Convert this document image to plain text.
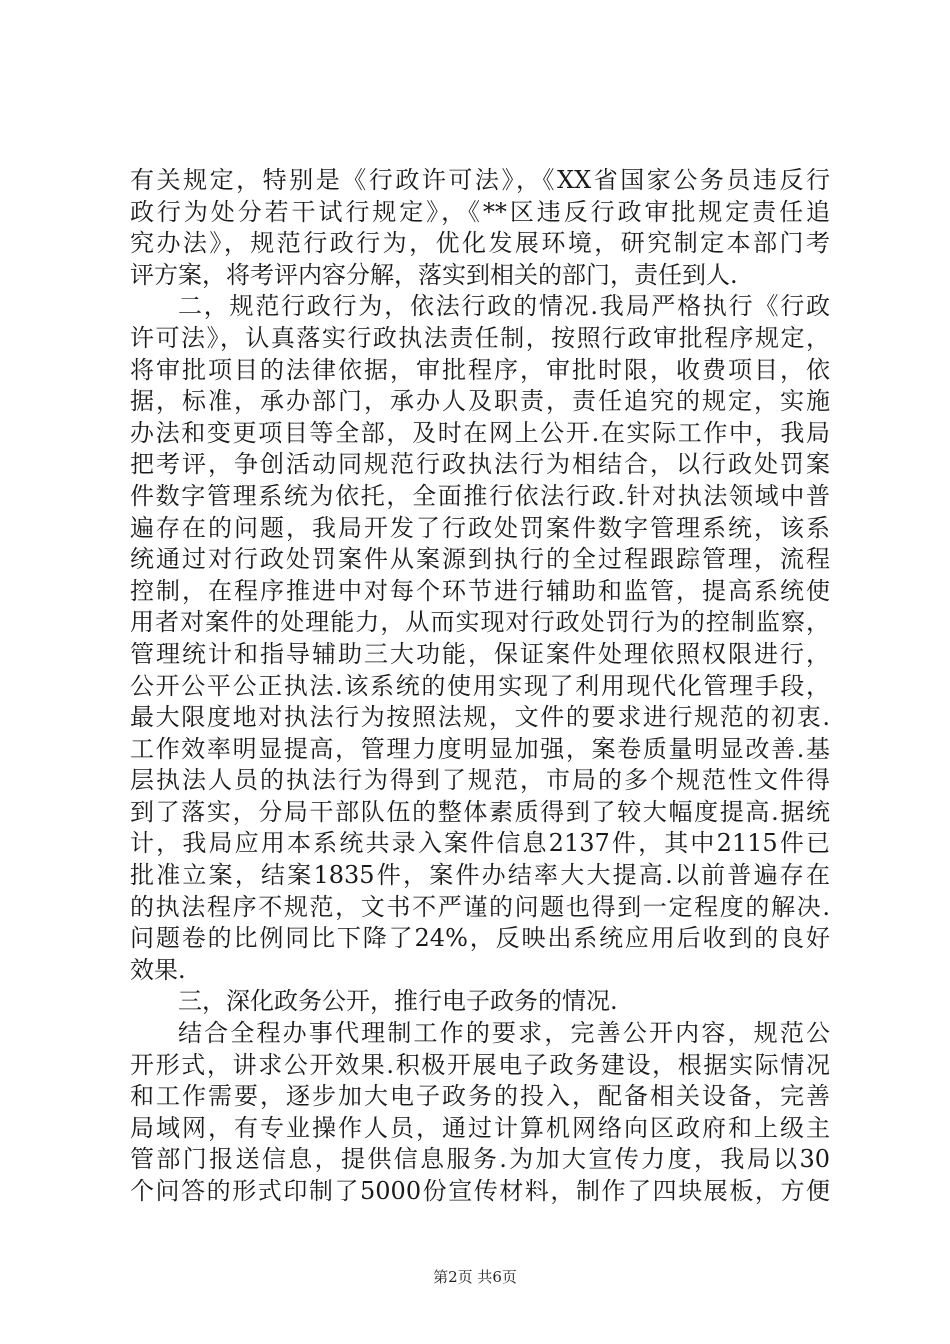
有关规定，特别是《行政许可法》，《XX省国家公务员违反行
政行为处分若干试行规定》，《**区违反行政审批规定责任追
究办法》，规范行政行为，优化发展环境，研究制定本部门考
评方案，将考评内容分解，落实到相关的部门，责任到人.
二，规范行政行为，依法行政的情况.我局严格执行《行政
许可法》，认真落实行政执法责任制，按照行政审批程序规定，
将审批项目的法律依据，审批程序，审批时限，收费项目，依
据，标准，承办部门，承办人及职责，责任追究的规定，实施
办法和变更项目等全部，及时在网上公开.在实际工作中，我局
把考评，争创活动同规范行政执法行为相结合，以行政处罚案
件数字管理系统为依托，全面推行依法行政.针对执法领域中普
遍存在的问题，我局开发了行政处罚案件数字管理系统，该系
统通过对行政处罚案件从案源到执行的全过程跟踪管理，流程
控制，在程序推进中对每个环节进行辅助和监管，提高系统使
用者对案件的处理能力，从而实现对行政处罚行为的控制监察，
管理统计和指导辅助三大功能，保证案件处理依照权限进行，
公开公平公正执法.该系统的使用实现了利用现代化管理手段，
最大限度地对执法行为按照法规，文件的要求进行规范的初衷.
工作效率明显提高，管理力度明显加强，案卷质量明显改善.基
层执法人员的执法行为得到了规范，市局的多个规范性文件得
到了落实，分局干部队伍的整体素质得到了较大幅度提高.据统
计，我局应用本系统共录入案件信息2137件，其中2115件已
批准立案，结案1835件，案件办结率大大提高.以前普遍存在
的执法程序不规范，文书不严谨的问题也得到一定程度的解决.
问题卷的比例同比下降了24%，反映出系统应用后收到的良好
效果.
三，深化政务公开，推行电子政务的情况.
结合全程办事代理制工作的要求，完善公开内容，规范公
开形式，讲求公开效果.积极开展电子政务建设，根据实际情况
和工作需要，逐步加大电子政务的投入，配备相关设备，完善
局域网，有专业操作人员，通过计算机网络向区政府和上级主
管部门报送信息，提供信息服务.为加大宣传力度，我局以30
个问答的形式印制了5000份宣传材料，制作了四块展板，方便
第2页 共6页
